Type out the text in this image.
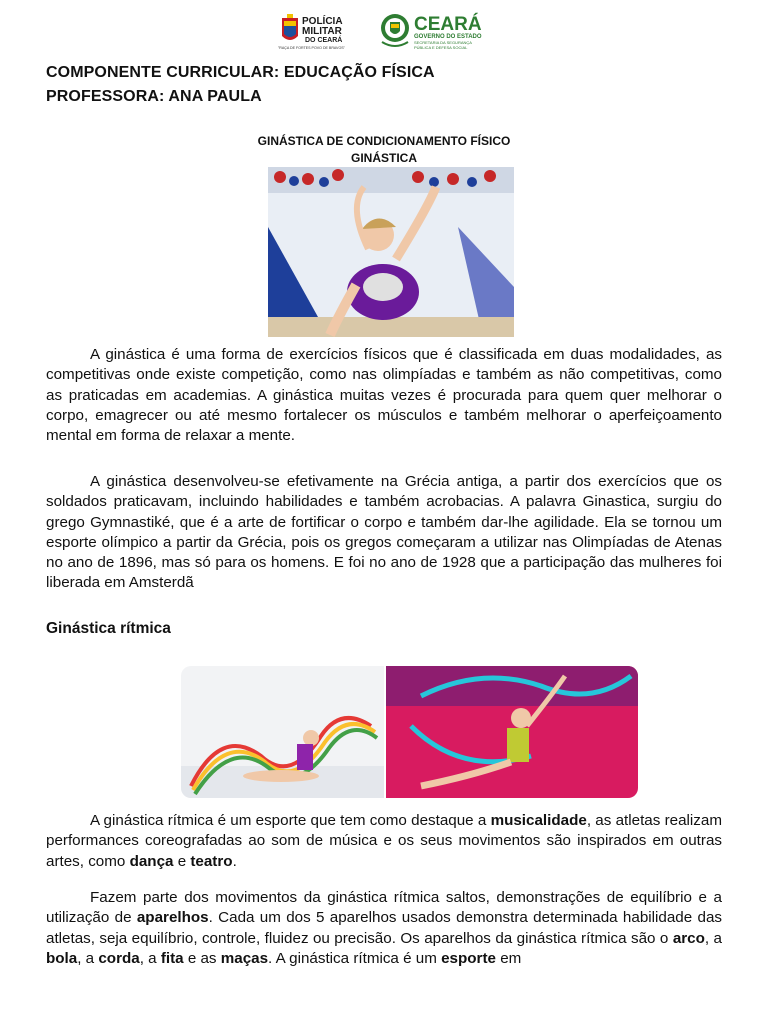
POLÍCIA
MILITAR
DO CEARÁ
"RAÇA DE FORTES POVO DE BRAVOS"
CEARÁ
GOVERNO DO ESTADO
SECRETARIA DA SEGURANÇA
PÚBLICA E DEFESA SOCIAL
COMPONENTE CURRICULAR: EDUCAÇÃO FÍSICA
PROFESSORA: ANA PAULA
GINÁSTICA DE CONDICIONAMENTO FÍSICO
GINÁSTICA

A ginástica é uma forma de exercícios físicos que é classificada em duas modalidades, as competitivas onde existe competição, como nas olimpíadas e também as não competitivas, como as praticadas em academias. A ginástica muitas vezes é procurada para quem quer melhorar o corpo, emagrecer ou até mesmo fortalecer os músculos e também melhorar o aperfeiçoamento mental em forma de relaxar a mente.

A ginástica desenvolveu-se efetivamente na Grécia antiga, a partir dos exercícios que os soldados praticavam, incluindo habilidades e também acrobacias. A palavra Ginastica, surgiu do grego Gymnastiké, que é a arte de fortificar o corpo e também dar-lhe agilidade. Ela se tornou um esporte olímpico a partir da Grécia, pois os gregos começaram a utilizar nas Olimpíadas de Atenas no ano de 1896, mas só para os homens. E foi no ano de 1928 que a participação das mulheres foi liberada em Amsterdã

Ginástica rítmica

A ginástica rítmica é um esporte que tem como destaque a musicalidade, as atletas realizam performances coreografadas ao som de música e os seus movimentos são inspirados em outras artes, como dança e teatro.

Fazem parte dos movimentos da ginástica rítmica saltos, demonstrações de equilíbrio e a utilização de aparelhos. Cada um dos 5 aparelhos usados demonstra determinada habilidade das atletas, seja equilíbrio, controle, fluidez ou precisão. Os aparelhos da ginástica rítmica são o arco, a bola, a corda, a fita e as maças. A ginástica rítmica é um esporte em
